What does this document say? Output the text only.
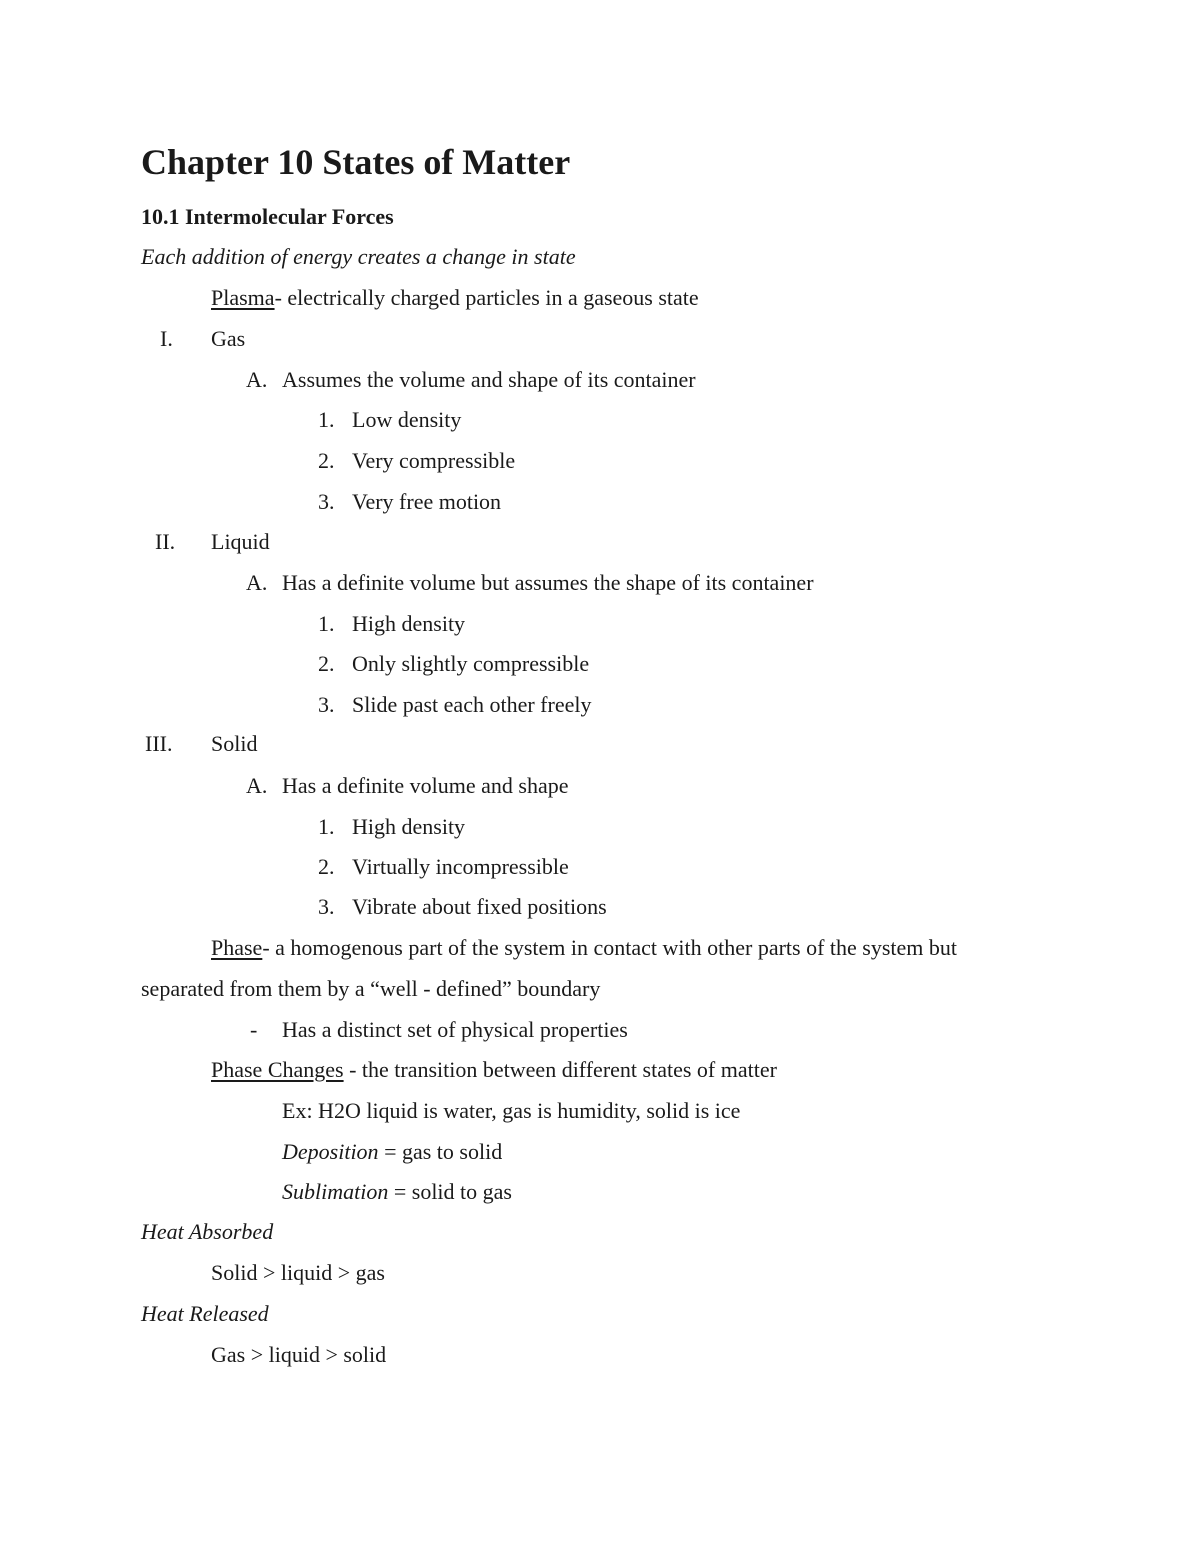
Chapter 10 States of Matter
10.1 Intermolecular Forces
Each addition of energy creates a change in state
Plasma- electrically charged particles in a gaseous state
I. Gas
A. Assumes the volume and shape of its container
1. Low density
2. Very compressible
3. Very free motion
II. Liquid
A. Has a definite volume but assumes the shape of its container
1. High density
2. Only slightly compressible
3. Slide past each other freely
III. Solid
A. Has a definite volume and shape
1. High density
2. Virtually incompressible
3. Vibrate about fixed positions
Phase- a homogenous part of the system in contact with other parts of the system but
separated from them by a “well - defined” boundary
- Has a distinct set of physical properties
Phase Changes - the transition between different states of matter
Ex: H2O liquid is water, gas is humidity, solid is ice
Deposition = gas to solid
Sublimation = solid to gas
Heat Absorbed
Solid > liquid > gas
Heat Released
Gas > liquid > solid
